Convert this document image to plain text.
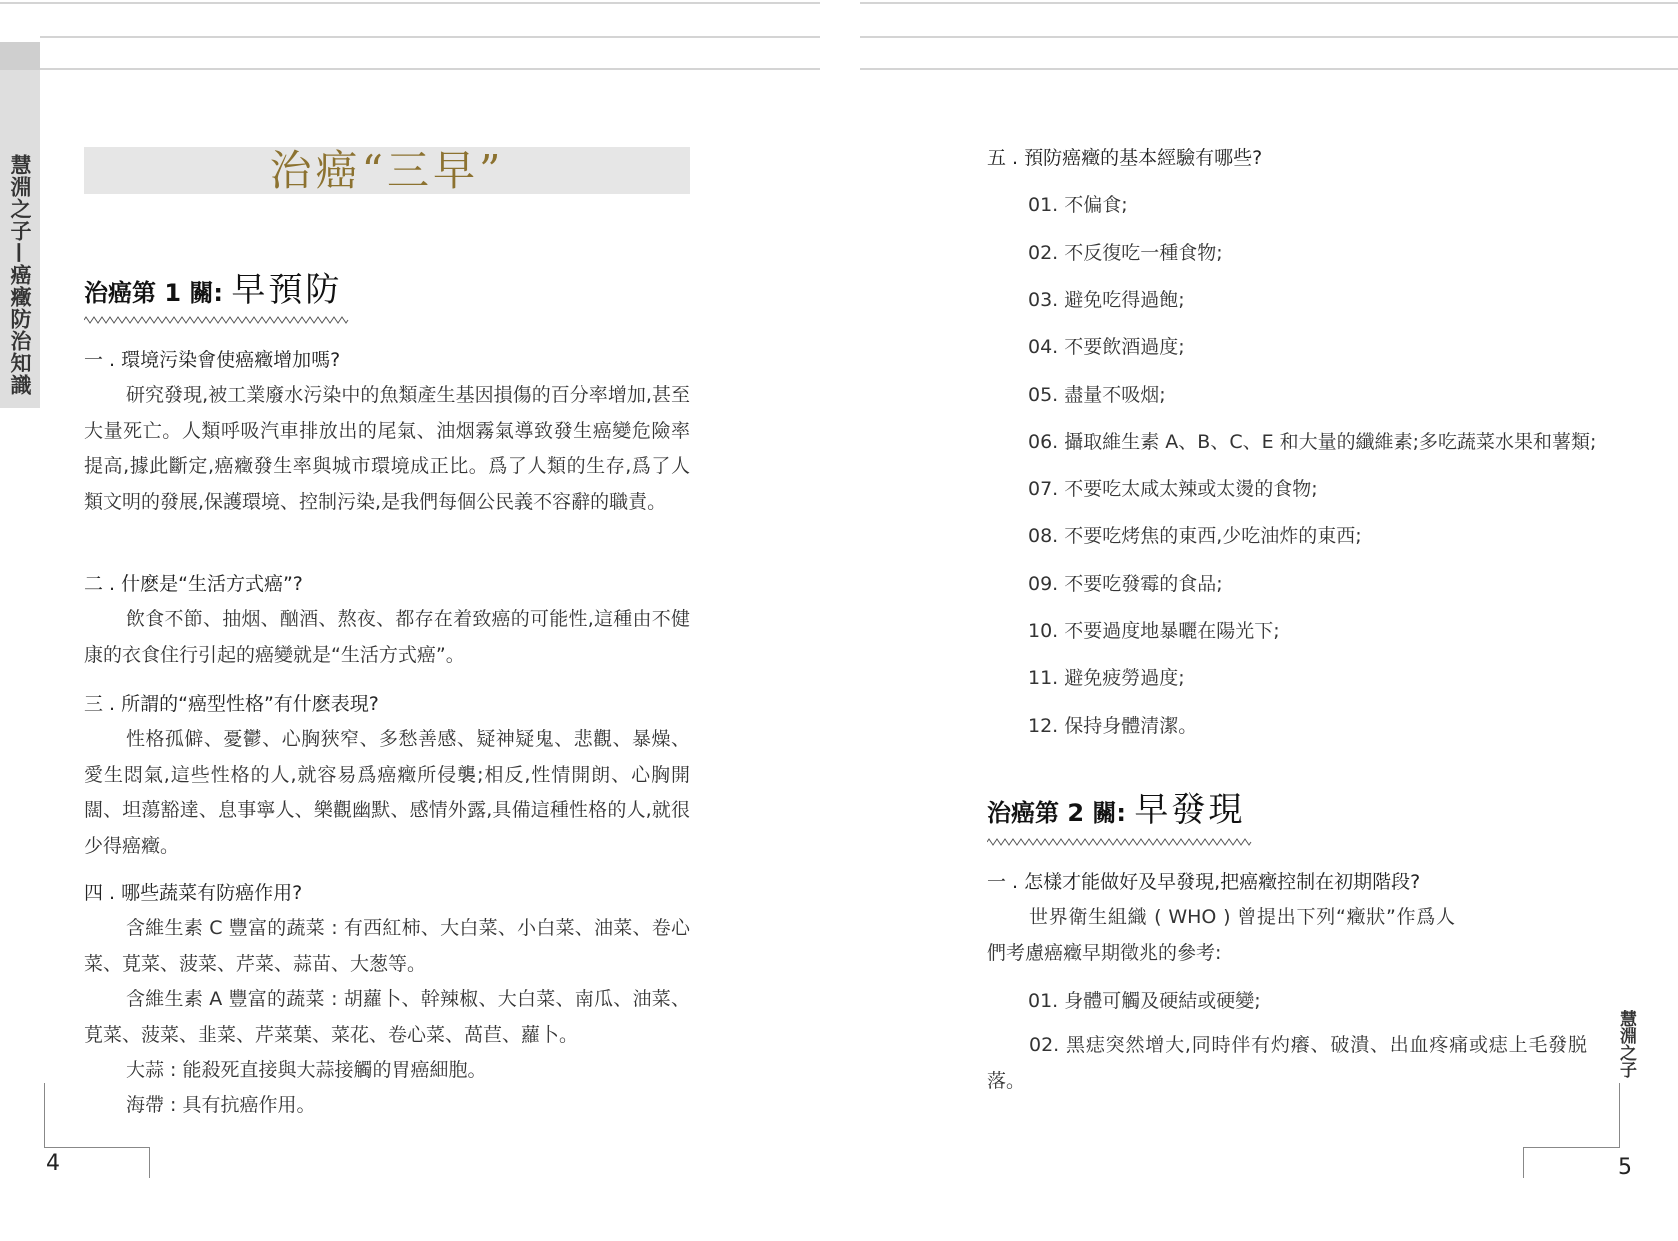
慧淵之子—癌癥防治知識	治癌“三早”
治癌第 1 關: 早預防
一 . 環境污染會使癌癥增加嗎?

研究發現,被工業廢水污染中的魚類產生基因損傷的百分率增加,甚至大量死亡。人類呼吸汽車排放出的尾氣、油烟霧氣導致發生癌變危險率提高,據此斷定,癌癥發生率與城市環境成正比。爲了人類的生存,爲了人類文明的發展,保護環境、控制污染,是我們每個公民義不容辭的職責。

二 . 什麽是“生活方式癌”?

飲食不節、抽烟、酗酒、熬夜、都存在着致癌的可能性,這種由不健康的衣食住行引起的癌變就是“生活方式癌”。

三 . 所謂的“癌型性格”有什麽表現?

性格孤僻、憂鬱、心胸狹窄、多愁善感、疑神疑鬼、悲觀、暴燥、愛生悶氣,這些性格的人,就容易爲癌癥所侵襲;相反,性情開朗、心胸開闊、坦蕩豁達、息事寧人、樂觀幽默、感情外露,具備這種性格的人,就很少得癌癥。

四 . 哪些蔬菜有防癌作用?

含維生素 C 豐富的蔬菜 : 有西紅柿、大白菜、小白菜、油菜、卷心菜、莧菜、菠菜、芹菜、蒜苗、大葱等。

含維生素 A 豐富的蔬菜 : 胡蘿卜、幹辣椒、大白菜、南瓜、油菜、莧菜、菠菜、韭菜、芹菜葉、菜花、卷心菜、萵苣、蘿卜。

大蒜 : 能殺死直接與大蒜接觸的胃癌細胞。

海帶 : 具有抗癌作用。

4
五 . 預防癌癥的基本經驗有哪些?
01. 不偏食;
02. 不反復吃一種食物;
03. 避免吃得過飽;
04. 不要飲酒過度;
05. 盡量不吸烟;
06. 攝取維生素 A、B、C、E 和大量的纖維素;多吃蔬菜水果和薯類;
07. 不要吃太咸太辣或太燙的食物;
08. 不要吃烤焦的東西,少吃油炸的東西;
09. 不要吃發霉的食品;
10. 不要過度地暴曬在陽光下;
11. 避免疲勞過度;
12. 保持身體清潔。
治癌第 2 關: 早發現
一 . 怎樣才能做好及早發現,把癌癥控制在初期階段?

世界衛生組織 ( WHO ) 曾提出下列“癥狀”作爲人們考慮癌癥早期徵兆的參考:

01. 身體可觸及硬結或硬變;

02. 黑痣突然增大,同時伴有灼癢、破潰、出血疼痛或痣上毛發脱落。

5
慧淵之子
